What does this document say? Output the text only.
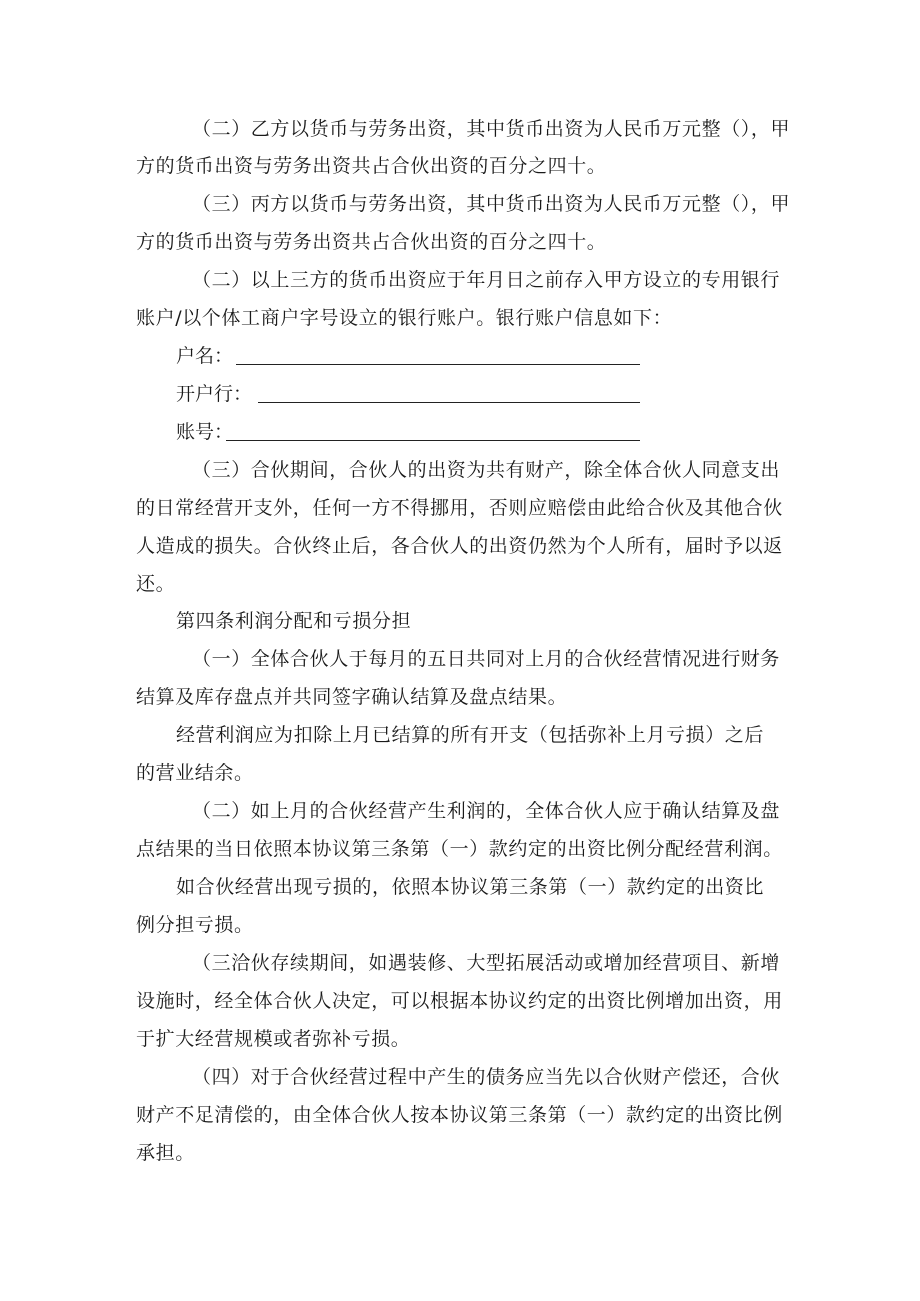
（二）乙方以货币与劳务出资，其中货币出资为人民币万元整（），甲
方的货币出资与劳务出资共占合伙出资的百分之四十。
（三）丙方以货币与劳务出资，其中货币出资为人民币万元整（），甲
方的货币出资与劳务出资共占合伙出资的百分之四十。
（二）以上三方的货币出资应于年月日之前存入甲方设立的专用银行
账户/以个体工商户字号设立的银行账户。银行账户信息如下：
户名：
开户行：
账号：
（三）合伙期间，合伙人的出资为共有财产，除全体合伙人同意支出
的日常经营开支外，任何一方不得挪用，否则应赔偿由此给合伙及其他合伙
人造成的损失。合伙终止后，各合伙人的出资仍然为个人所有，届时予以返
还。
第四条利润分配和亏损分担
（一）全体合伙人于每月的五日共同对上月的合伙经营情况进行财务
结算及库存盘点并共同签字确认结算及盘点结果。
经营利润应为扣除上月已结算的所有开支（包括弥补上月亏损）之后
的营业结余。
（二）如上月的合伙经营产生利润的，全体合伙人应于确认结算及盘
点结果的当日依照本协议第三条第（一）款约定的出资比例分配经营利润。
如合伙经营出现亏损的，依照本协议第三条第（一）款约定的出资比
例分担亏损。
（三洽伙存续期间，如遇装修、大型拓展活动或增加经营项目、新增
设施时，经全体合伙人决定，可以根据本协议约定的出资比例增加出资，用
于扩大经营规模或者弥补亏损。
（四）对于合伙经营过程中产生的债务应当先以合伙财产偿还，合伙
财产不足清偿的，由全体合伙人按本协议第三条第（一）款约定的出资比例
承担。
